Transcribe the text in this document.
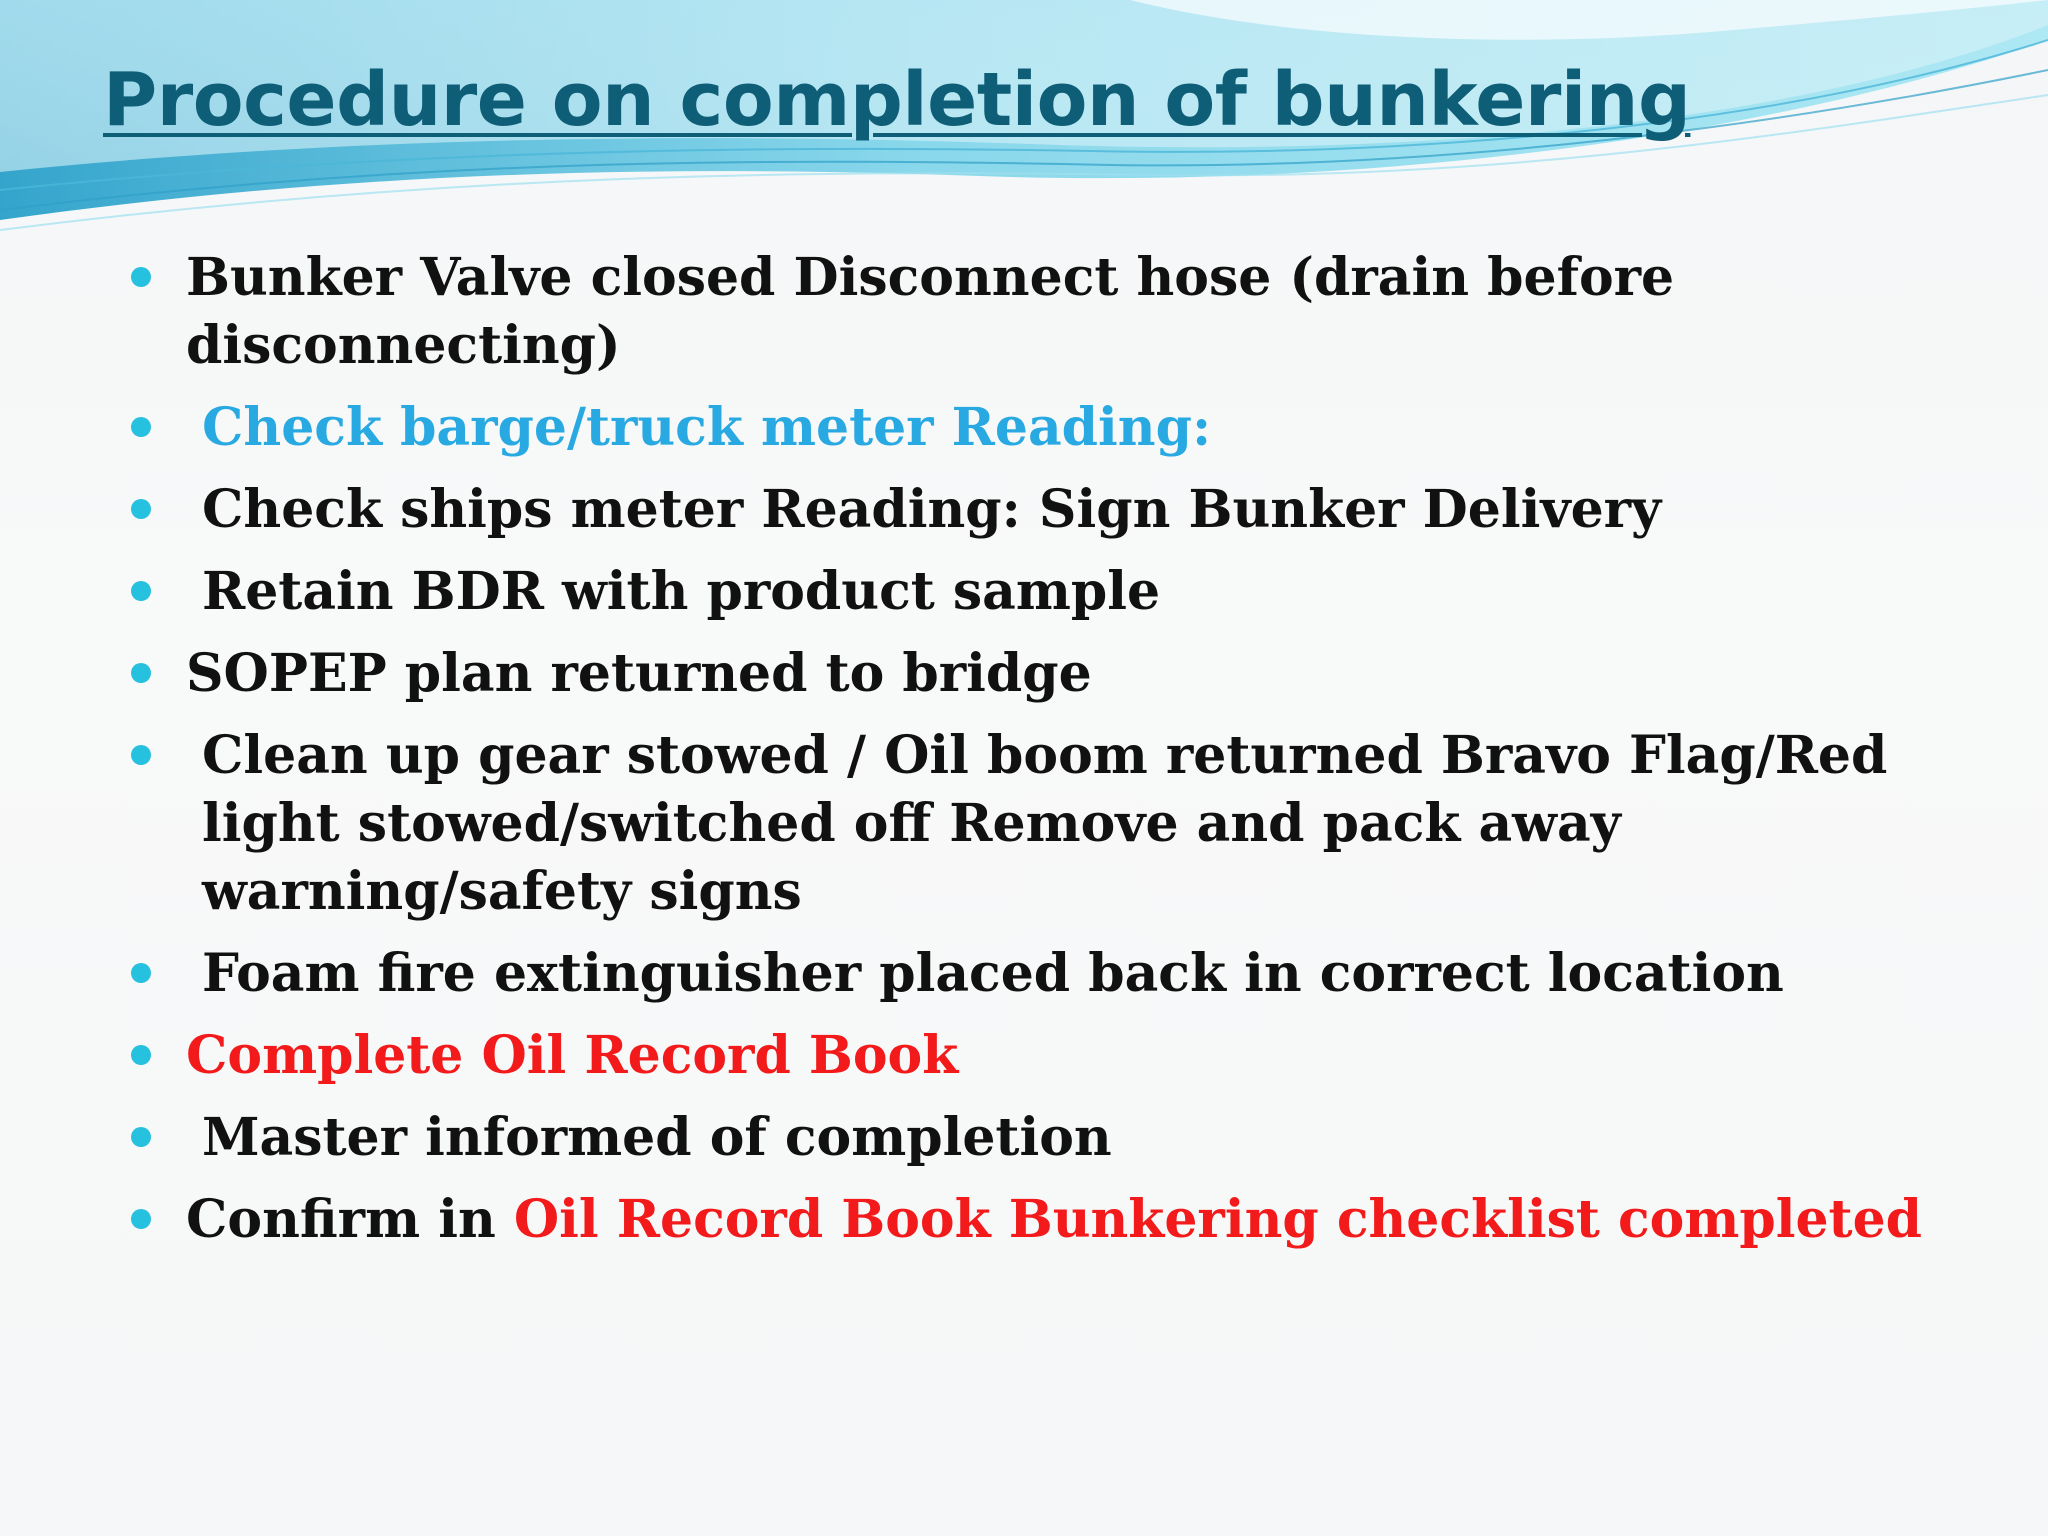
Procedure on completion of bunkering
Bunker Valve closed Disconnect hose (drain before disconnecting)
Check barge/truck meter Reading:
Check ships meter Reading: Sign Bunker Delivery
Retain BDR with product sample
SOPEP plan returned to bridge
Clean up gear stowed / Oil boom returned Bravo Flag/Red light stowed/switched off Remove and pack away warning/safety signs
Foam fire extinguisher placed back in correct location
Complete Oil Record Book
Master informed of completion
Confirm in Oil Record Book Bunkering checklist completed
